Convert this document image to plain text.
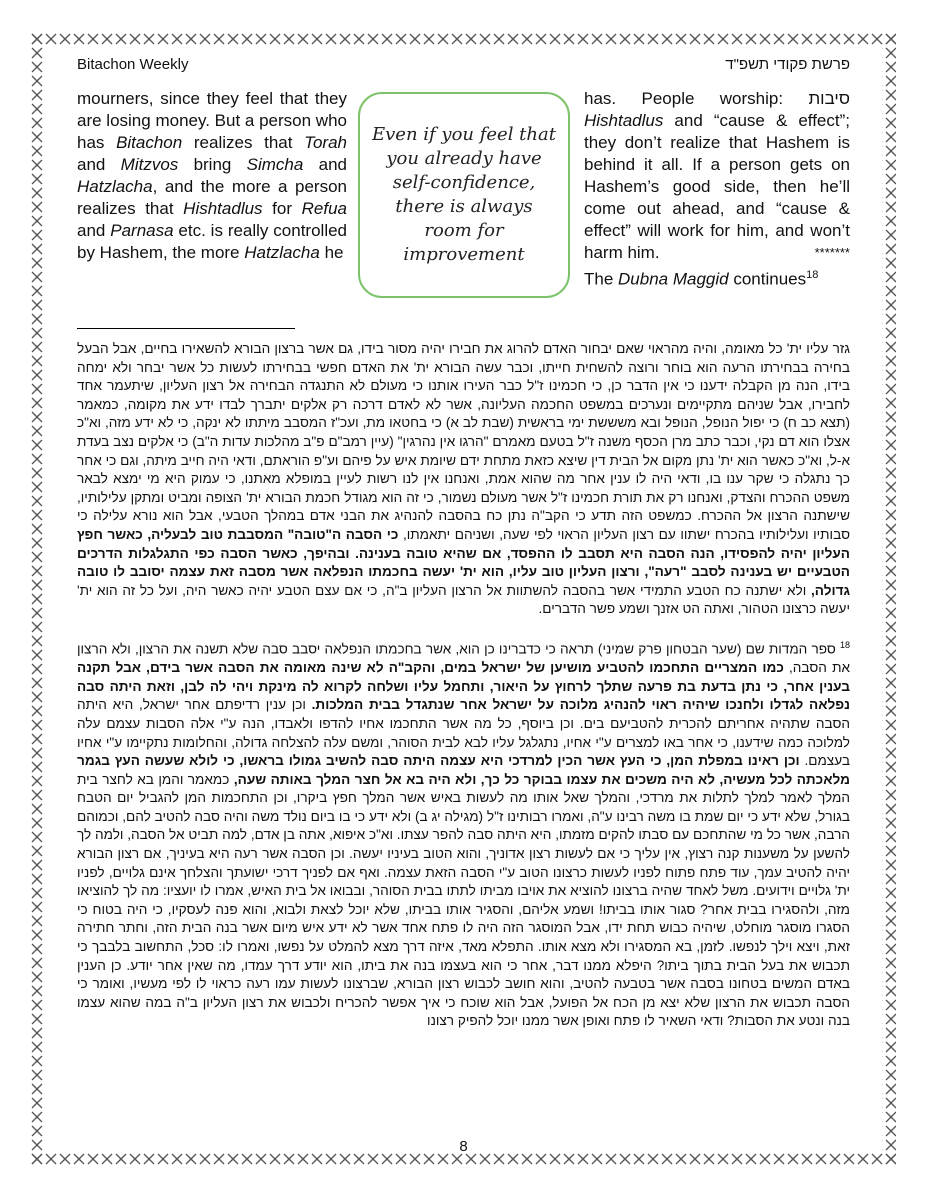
Bitachon Weekly	פרשת פקודי תשפ"ד

mourners, since they feel that they are losing money. But a person who has Bitachon realizes that Torah and Mitzvos bring Simcha and Hatzlacha, and the more a person realizes that Hishtadlus for Refua and Parnasa etc. is really controlled by Hashem, the more Hatzlacha he

Even if you feel that you already have self-confidence, there is always room for improvement

has. People worship: סיבות Hishtadlus and “cause & effect”; they don’t realize that Hashem is behind it all. If a person gets on Hashem’s good side, then he’ll come out ahead, and “cause & effect” will work for him, and won’t harm him.	*******

The Dubna Maggid continues$^{18}$

גזר עליו ית' כל מאומה, והיה מהראוי שאם יבחור האדם להרוג את חבירו יהיה מסור בידו, גם אשר ברצון הבורא להשאירו בחיים, אבל הבעל בחירה בבחירתו הרעה הוא בוחר ורוצה להשחית חייתו, וכבר עשה הבורא ית' את האדם חפשי בבחירתו לעשות כל אשר יבחר ולא ימחה בידו, הנה מן הקבלה ידענו כי אין הדבר כן, כי חכמינו ז"ל כבר העירו אותנו כי מעולם לא התנגדה הבחירה אל רצון העליון, שיתעמר אחד לחבירו, אבל שניהם מתקיימים ונערכים במשפט החכמה העליונה, אשר לא לאדם דרכה רק אלקים יתברך לבדו ידע את מקומה, כמאמר (תצא כב ח) כי יפול הנופל, הנופל ובא משששת ימי בראשית (שבת לב א) כי בחטאו מת, ועכ"ז המסבב מיתתו לא ינקה, כי לא ידע מזה, וא"כ אצלו הוא דם נקי, וכבר כתב מרן הכסף משנה ז"ל בטעם מאמרם "הרגו אין נהרגין" (עיין רמב"ם פ"ב מהלכות עדות ה"ב) כי אלקים נצב בעדת א-ל, וא"כ כאשר הוא ית' נתן מקום אל הבית דין שיצא כזאת מתחת ידם שיומת איש על פיהם וע"פ הוראתם, ודאי היה חייב מיתה, וגם כי אחר כך נתגלה כי שקר ענו בו, ודאי היה לו ענין אחר מה שהוא אמת, ואנחנו אין לנו רשות לעיין במופלא מאתנו, כי עמוק היא מי ימצא לבאר משפט ההכרח והצדק, ואנחנו רק את תורת חכמינו ז"ל אשר מעולם נשמור, כי זה הוא מגודל חכמת הבורא ית' הצופה ומביט ומתקן עלילותיו, שישתנה הרצון אל ההכרח. כמשפט הזה תדע כי הקב"ה נתן כח בהסבה להנהיג את הבני אדם במהלך הטבעי, אבל הוא נורא עלילה כי סבותיו ועלילותיו בהכרח ישתוו עם רצון העליון הראוי לפי שעה, ושניהם יתאמתו, כי הסבה ה"טובה" המסבבת טוב לבעליה, כאשר חפץ העליון יהיה להפסידו, הנה הסבה היא תסבב לו ההפסד, אם שהיא טובה בענינה. ובהיפך, כאשר הסבה כפי התגלגלות הדרכים הטבעיים יש בענינה לסבב "רעה", ורצון העליון טוב עליו, הוא ית' יעשה בחכמתו הנפלאה אשר מסבה זאת עצמה יסובב לו טובה גדולה, ולא ישתנה כח הטבע התמידי אשר בהסבה להשתוות אל הרצון העליון ב"ה, כי אם עצם הטבע יהיה כאשר היה, ועל כל זה הוא ית' יעשה כרצונו הטהור, ואתה הט אזנך ושמע פשר הדברים.

$^{18}$ ספר המדות שם (שער הבטחון פרק שמיני) תראה כי כדברינו כן הוא, אשר בחכמתו הנפלאה יסבב סבה שלא תשנה את הרצון, ולא הרצון את הסבה, כמו המצריים התחכמו להטביע מושיען של ישראל במים, והקב"ה לא שינה מאומה את הסבה אשר בידם, אבל תקנה בענין אחר, כי נתן בדעת בת פרעה שתלך לרחוץ על היאור, ותחמל עליו ושלחה לקרוא לה מינקת ויהי לה לבן, וזאת היתה סבה נפלאה לגדלו ולחנכו שיהיה ראוי להנהיג מלוכה על ישראל אחר שנתגדל בבית המלכות. וכן ענין רדיפתם אחר ישראל, היא היתה הסבה שתהיה אחריתם להכרית להטביעם בים. וכן ביוסף, כל מה אשר התחכמו אחיו להדפו ולאבדו, הנה ע"י אלה הסבות עצמם עלה למלוכה כמה שידענו, כי אחר באו למצרים ע"י אחיו, נתגלגל עליו לבא לבית הסוהר, ומשם עלה להצלחה גדולה, והחלומות נתקיימו ע"י אחיו בעצמם. וכן ראינו במפלת המן, כי העץ אשר הכין למרדכי היא עצמה היתה סבה להשיב גמולו בראשו, כי לולא שעשה העץ בגמר מלאכתה לכל מעשיה, לא היה משכים את עצמו בבוקר כל כך, ולא היה בא אל חצר המלך באותה שעה, כמאמר והמן בא לחצר בית המלך לאמר למלך לתלות את מרדכי, והמלך שאל אותו מה לעשות באיש אשר המלך חפץ ביקרו, וכן התחכמות המן להגביל יום הטבח בגורל, שלא ידע כי יום שמת בו משה רבינו ע"ה, ואמרו רבותינו ז"ל (מגילה יג ב) ולא ידע כי בו ביום נולד משה והיה סבה להטיב להם, וכמוהם הרבה, אשר כל מי שהתחכם עם סבתו להקים מזמתו, היא היתה סבה להפר עצתו. וא"כ איפוא, אתה בן אדם, למה תביט אל הסבה, ולמה לך להשען על משענות קנה רצוץ, אין עליך כי אם לעשות רצון אדוניך, והוא הטוב בעיניו יעשה. וכן הסבה אשר רעה היא בעיניך, אם רצון הבורא יהיה להטיב עמך, עוד פתח פתוח לפניו לעשות כרצונו הטוב ע"י הסבה הזאת עצמה. ואף אם לפניך דרכי ישועתך והצלחך אינם גלויים, לפניו ית' גלויים וידועים. משל לאחד שהיה ברצונו להוציא את אויבו מביתו לתתו בבית הסוהר, ובבואו אל בית האיש, אמרו לו יועציו: מה לך להוציאו מזה, ולהסגירו בבית אחר? סגור אותו בביתו! ושמע אליהם, והסגיר אותו בביתו, שלא יוכל לצאת ולבוא, והוא פנה לעסקיו, כי היה בטוח כי הסגרו מוסגר מוחלט, שיהיה כבוש תחת ידו, אבל המוסגר הזה היה לו פתח אחד אשר לא ידע איש מיום אשר בנה הבית הזה, וחתר חתירה זאת, ויצא וילך לנפשו. לזמן, בא המסגירו ולא מצא אותו. התפלא מאד, איזה דרך מצא להמלט על נפשו, ואמרו לו: סכל, התחשוב בלבבך כי תכבוש את בעל הבית בתוך ביתו? היפלא ממנו דבר, אחר כי הוא בעצמו בנה את ביתו, הוא יודע דרך עמדו, מה שאין אחר יודע. כן הענין באדם המשים בטחונו בסבה אשר בטבעה להטיב, והוא חושב לכבוש רצון הבורא, שברצונו לעשות עמו רעה כראוי לו לפי מעשיו, ואומר כי הסבה תכבוש את הרצון שלא יצא מן הכח אל הפועל, אבל הוא שוכח כי איך אפשר להכריח ולכבוש את רצון העליון ב"ה במה שהוא עצמו בנה ונטע את הסבות? ודאי השאיר לו פתח ואופן אשר ממנו יוכל להפיק רצונו

8
